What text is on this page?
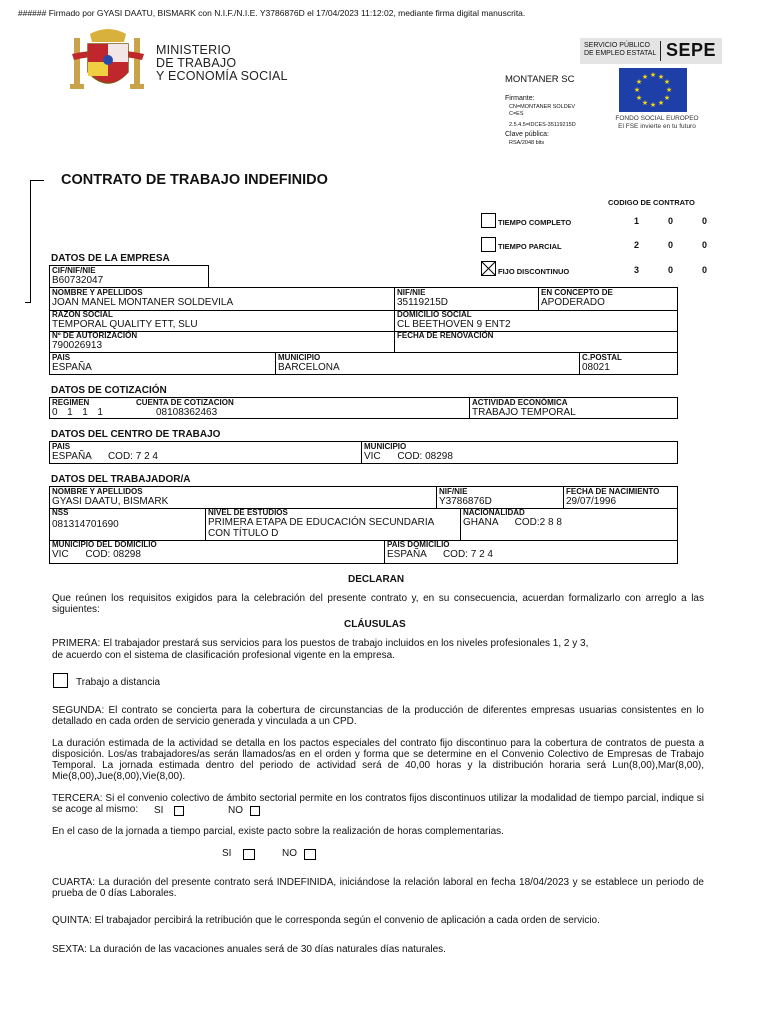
###### Firmado por GYASI DAATU, BISMARK con N.I.F./N.I.E. Y3786876D el 17/04/2023 11:12:02, mediante firma digital manuscrita.
MINISTERIO
DE TRABAJO
Y ECONOMÍA SOCIAL
SERVICIO PÚBLICO
DE EMPLEO ESTATAL SEPE
★ ★
★
★
★
★
★
★
★
★
★
★
FONDO SOCIAL EUROPEO
El FSE invierte en tu futuro
MONTANER SC
Firmante:
CN=MONTANER SOLDEV
C=ES
2.5.4.5=IDCES-35119215D
Clave pública:
RSA/2048 bits
CONTRATO DE TRABAJO INDEFINIDO
CODIGO DE CONTRATO
TIEMPO COMPLETO	1  0  0
TIEMPO PARCIAL	2  0  0
FIJO DISCONTINUO	3  0  0
DATOS DE LA EMPRESA
CIF/NIF/NIE
B60732047
NOMBRE Y APELLIDOS
JOAN MANEL MONTANER SOLDEVILA
NIF/NIE
35119215D
EN CONCEPTO DE
APODERADO
RAZON SOCIAL
TEMPORAL QUALITY ETT, SLU
DOMICILIO SOCIAL
CL BEETHOVEN 9 ENT2
Nº DE AUTORIZACIÓN
790026913
FECHA DE RENOVACIÓN
PAIS
ESPAÑA
MUNICIPIO
BARCELONA
C.POSTAL
08021
DATOS DE COTIZACIÓN
REGIMEN
0  1  1  1
CUENTA DE COTIZACION
08108362463
ACTIVIDAD ECONÓMICA
TRABAJO TEMPORAL
DATOS DEL CENTRO DE TRABAJO
PAIS
ESPAÑA      COD: 7 2 4
MUNICIPIO
VIC      COD: 08298
DATOS DEL TRABAJADOR/A
NOMBRE Y APELLIDOS
GYASI DAATU, BISMARK
NIF/NIE
Y3786876D
FECHA DE NACIMIENTO
29/07/1996
NSS
081314701690
NIVEL DE ESTUDIOS
PRIMERA ETAPA DE EDUCACIÓN SECUNDARIA
CON TÍTULO D
NACIONALIDAD
GHANA      COD:2 8 8
MUNICIPIO DEL DOMICILIO
VIC      COD: 08298
PAIS DOMICILIO
ESPAÑA      COD: 7 2 4
DECLARAN
Que reúnen los requisitos exigidos para la celebración del presente contrato y, en su consecuencia, acuerdan formalizarlo con arreglo a las siguientes:
CLÁUSULAS
PRIMERA: El trabajador prestará sus servicios para los puestos de trabajo incluidos en los niveles profesionales 1, 2 y 3,
de acuerdo con el sistema de clasificación profesional vigente en la empresa.
Trabajo a distancia
SEGUNDA: El contrato se concierta para la cobertura de circunstancias de la producción de diferentes empresas usuarias consistentes en lo detallado en cada orden de servicio generada y vinculada a un CPD.
La duración estimada de la actividad se detalla en los pactos especiales del contrato fijo discontinuo para la cobertura de contratos de puesta a disposición. Los/as trabajadores/as serán llamados/as en el orden y forma que se determine en el Convenio Colectivo de Empresas de Trabajo Temporal. La jornada estimada dentro del periodo de actividad será de 40,00 horas y la distribución horaria será Lun(8,00),Mar(8,00), Mie(8,00),Jue(8,00),Vie(8,00).
TERCERA: Si el convenio colectivo de ámbito sectorial permite en los contratos fijos discontinuos utilizar la modalidad de tiempo parcial, indique si se acoge al mismo:	SI	NO
En el caso de la jornada a tiempo parcial, existe pacto sobre la realización de horas complementarias.
SI	NO
CUARTA: La duración del presente contrato será INDEFINIDA, iniciándose la relación laboral en fecha 18/04/2023 y se establece un periodo de prueba de 0 días Laborales.
QUINTA: El trabajador percibirá la retribución que le corresponda según el convenio de aplicación a cada orden de servicio.
SEXTA: La duración de las vacaciones anuales será de 30 días naturales días naturales.
